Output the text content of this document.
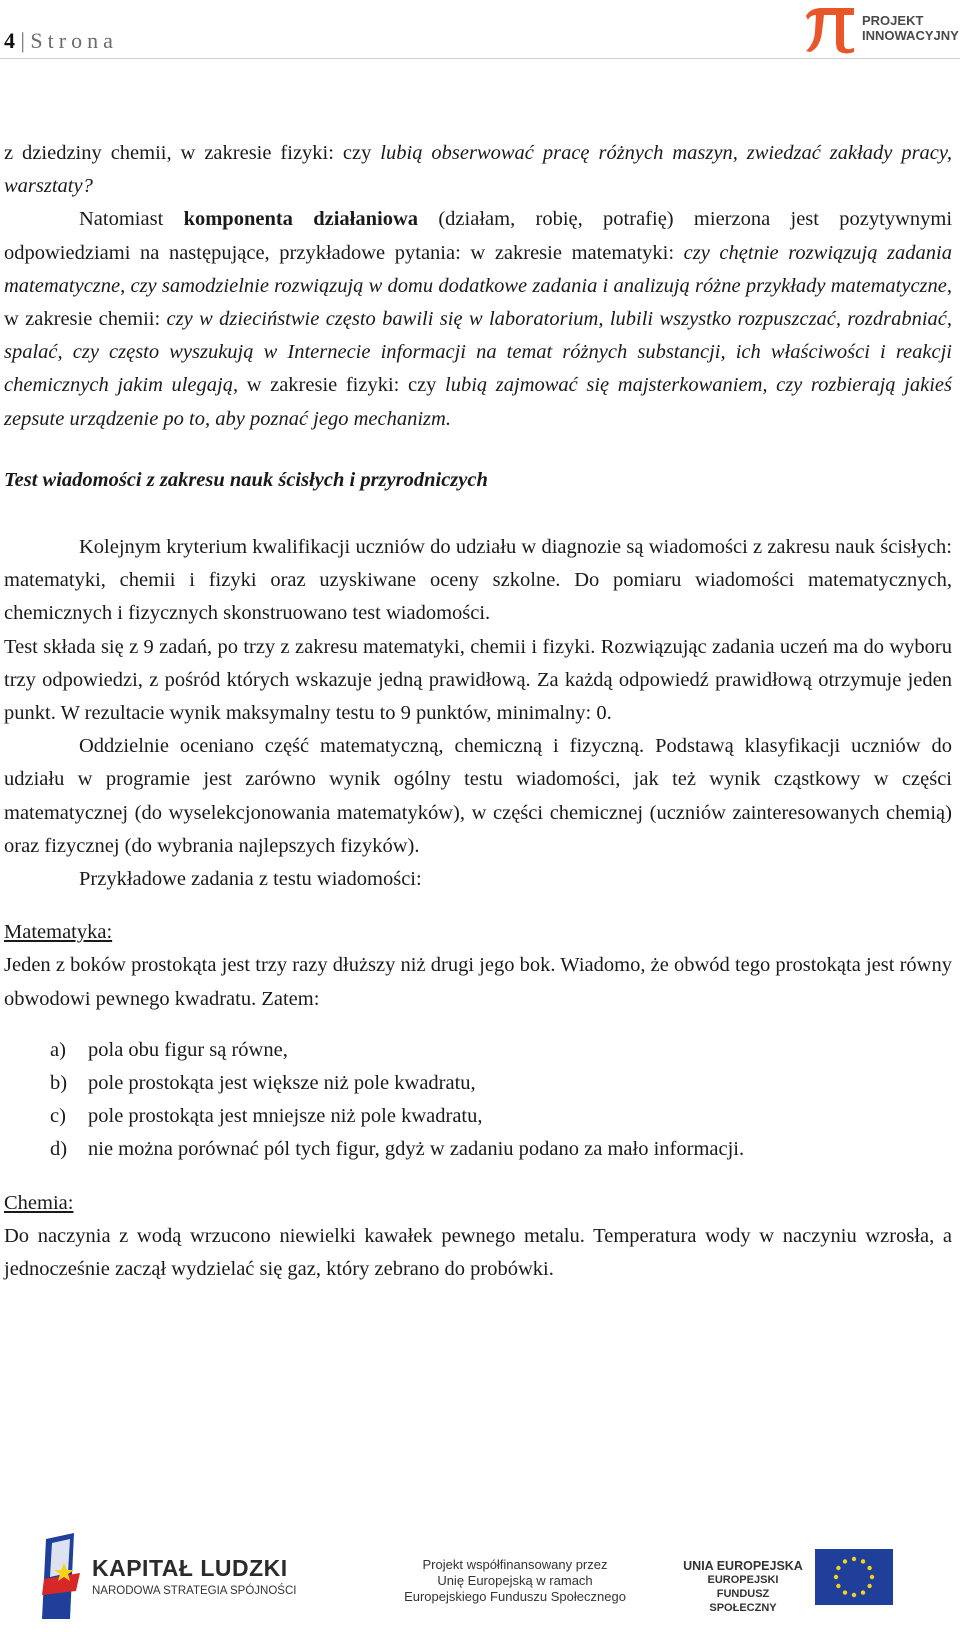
4 | Strona
PROJEKT
INNOWACYJNY

z dziedziny chemii, w zakresie fizyki: czy lubią obserwować pracę różnych maszyn, zwiedzać zakłady pracy, warsztaty?

Natomiast komponenta działaniowa (działam, robię, potrafię) mierzona jest pozytywnymi odpowiedziami na następujące, przykładowe pytania: w zakresie matematyki: czy chętnie rozwiązują zadania matematyczne, czy samodzielnie rozwiązują w domu dodatkowe zadania i analizują różne przykłady matematyczne, w zakresie chemii: czy w dzieciństwie często bawili się w laboratorium, lubili wszystko rozpuszczać, rozdrabniać, spalać, czy często wyszukują w Internecie informacji na temat różnych substancji, ich właściwości i reakcji chemicznych jakim ulegają, w zakresie fizyki: czy lubią zajmować się majsterkowaniem, czy rozbierają jakieś zepsute urządzenie po to, aby poznać jego mechanizm.

Test wiadomości z zakresu nauk ścisłych i przyrodniczych

Kolejnym kryterium kwalifikacji uczniów do udziału w diagnozie są wiadomości z zakresu nauk ścisłych: matematyki, chemii i fizyki oraz uzyskiwane oceny szkolne. Do pomiaru wiadomości matematycznych, chemicznych i fizycznych skonstruowano test wiadomości.

Test składa się z 9 zadań, po trzy z zakresu matematyki, chemii i fizyki. Rozwiązując zadania uczeń ma do wyboru trzy odpowiedzi, z pośród których wskazuje jedną prawidłową. Za każdą odpowiedź prawidłową otrzymuje jeden punkt. W rezultacie wynik maksymalny testu to 9 punktów, minimalny: 0.

Oddzielnie oceniano część matematyczną, chemiczną i fizyczną. Podstawą klasyfikacji uczniów do udziału w programie jest zarówno wynik ogólny testu wiadomości, jak też wynik cząstkowy w części matematycznej (do wyselekcjonowania matematyków), w części chemicznej (uczniów zainteresowanych chemią) oraz fizycznej (do wybrania najlepszych fizyków).

Przykładowe zadania z testu wiadomości:

Matematyka:

Jeden z boków prostokąta jest trzy razy dłuższy niż drugi jego bok. Wiadomo, że obwód tego prostokąta jest równy obwodowi pewnego kwadratu. Zatem:

a) pola obu figur są równe,
b) pole prostokąta jest większe niż pole kwadratu,
c) pole prostokąta jest mniejsze niż pole kwadratu,
d) nie można porównać pól tych figur, gdyż w zadaniu podano za mało informacji.

Chemia:

Do naczynia z wodą wrzucono niewielki kawałek pewnego metalu. Temperatura wody w naczyniu wzrosła, a jednocześnie zaczął wydzielać się gaz, który zebrano do probówki.

KAPITAŁ LUDZKI
NARODOWA STRATEGIA SPÓJNOŚCI
Projekt współfinansowany przez
Unię Europejską w ramach
Europejskiego Funduszu Społecznego
UNIA EUROPEJSKA
EUROPEJSKI
FUNDUSZ SPOŁECZNY
